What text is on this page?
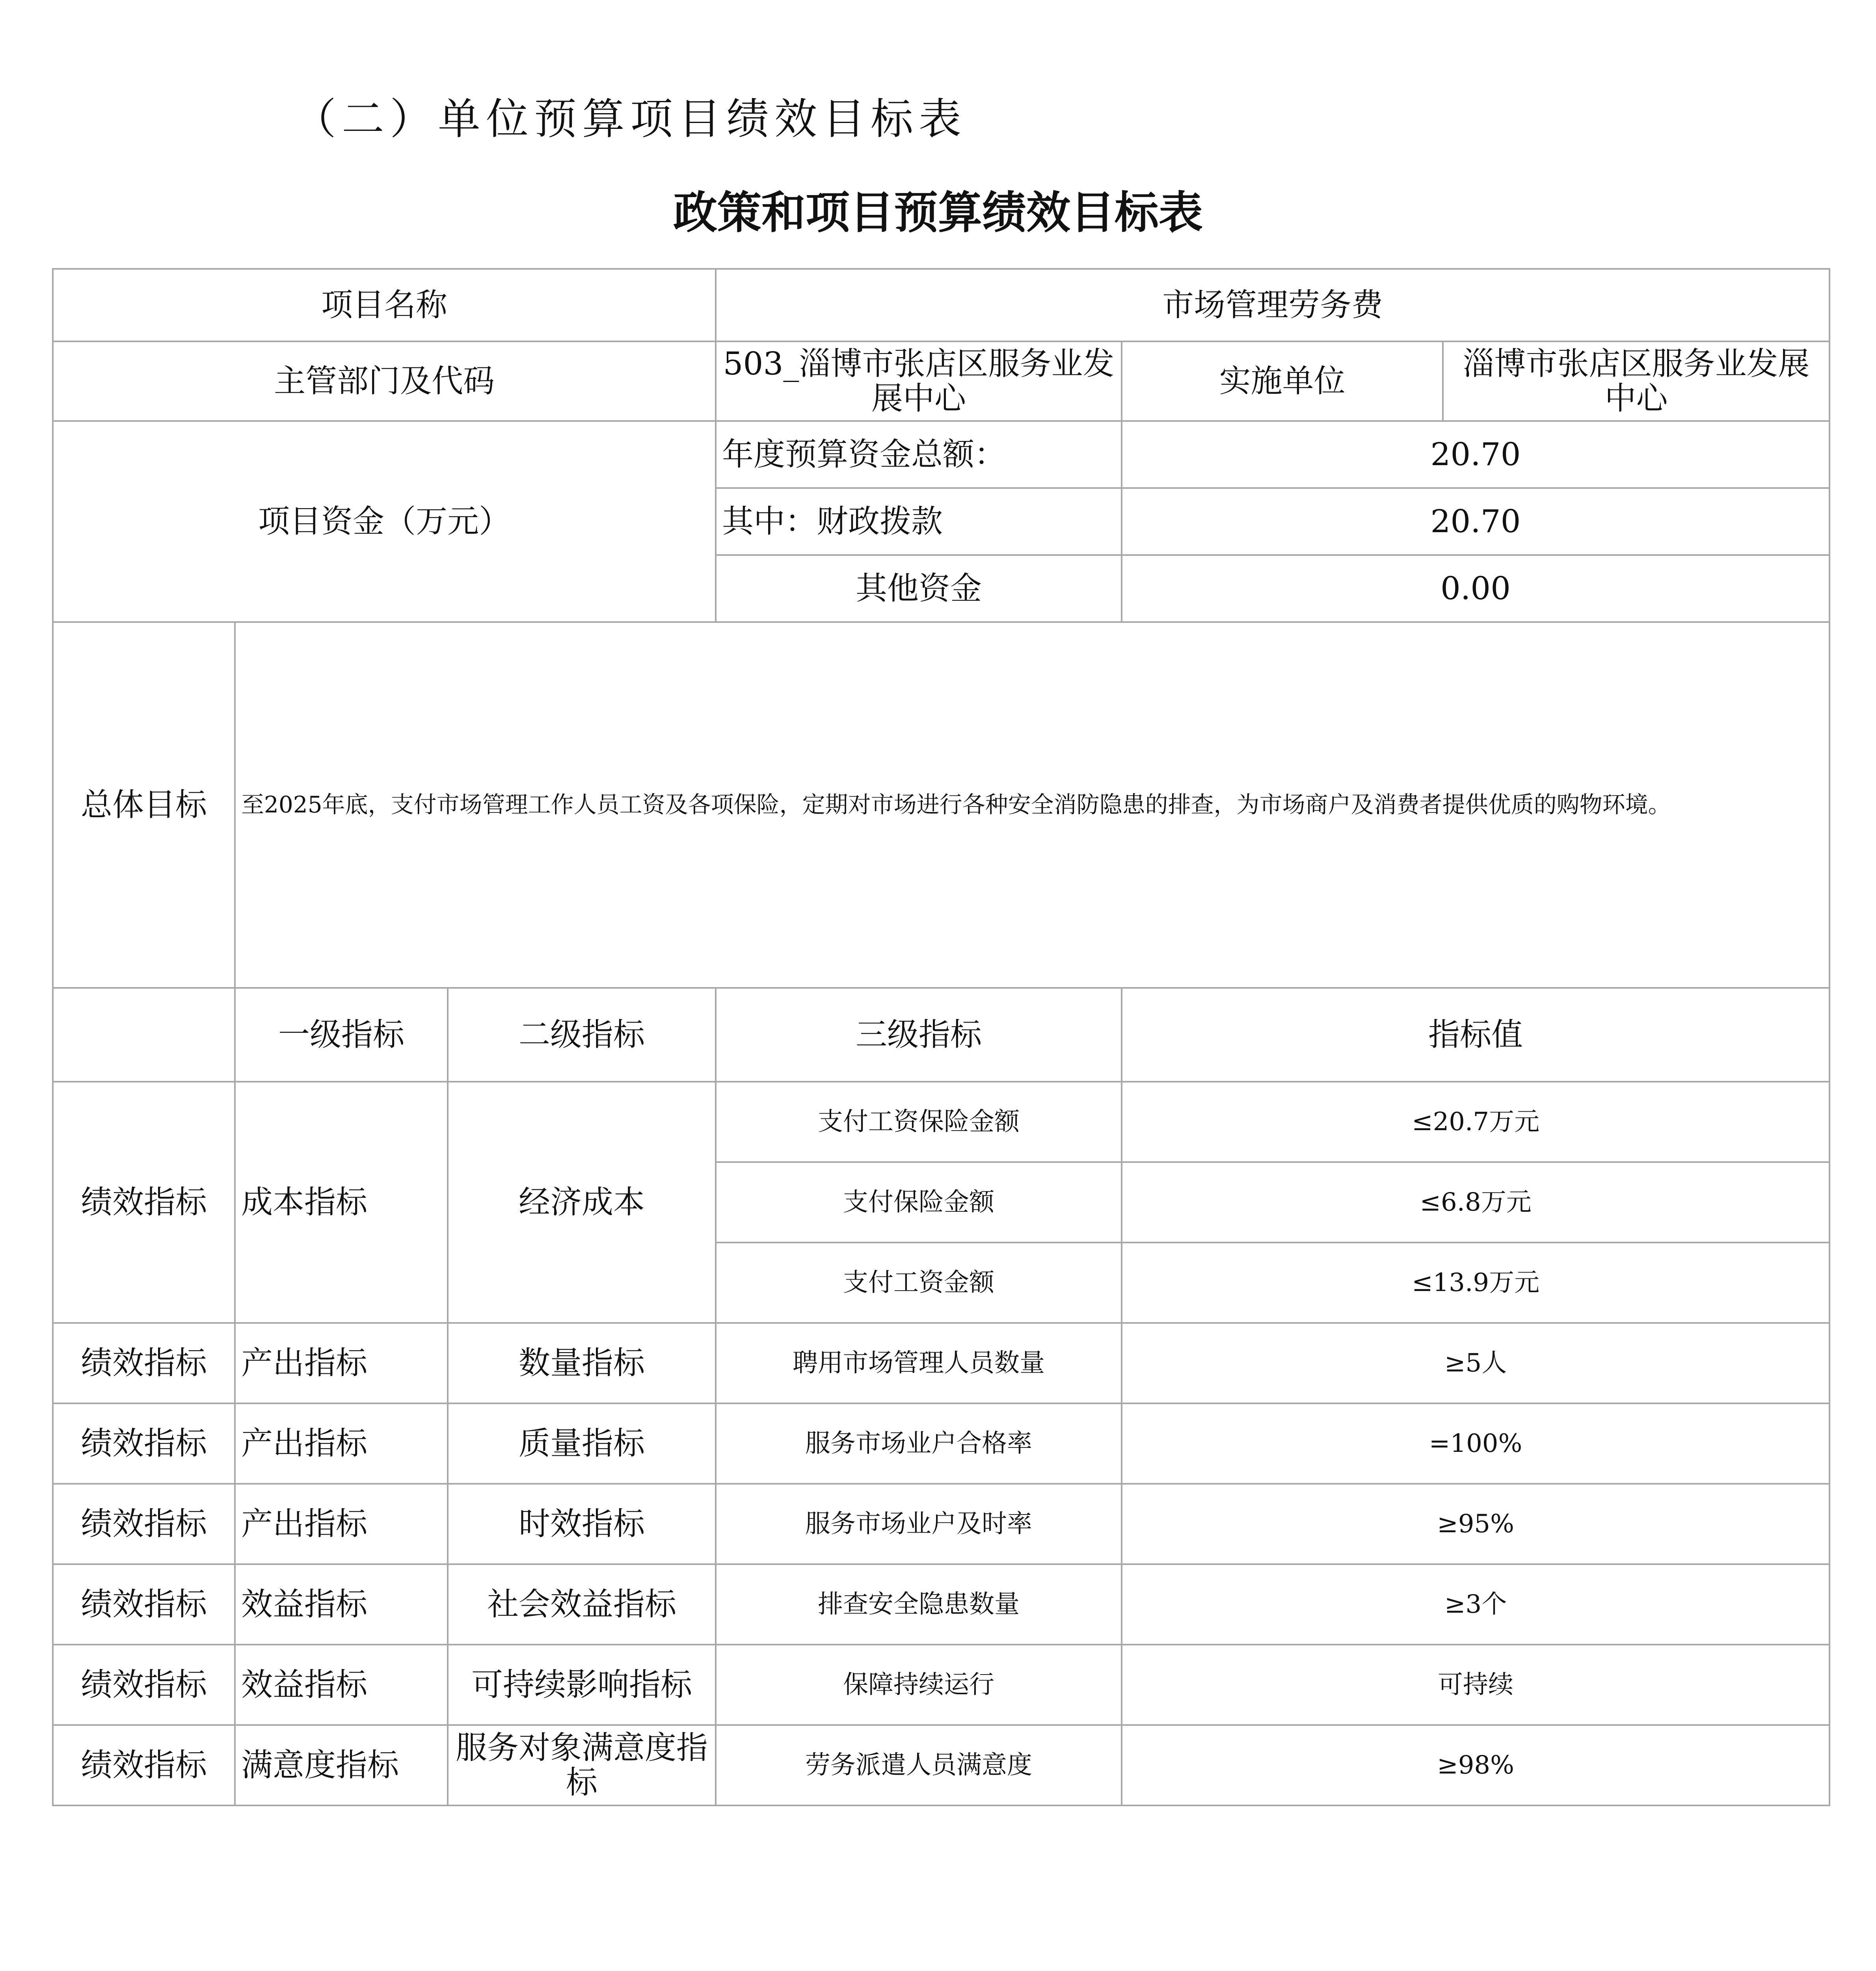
（二）单位预算项目绩效目标表
政策和项目预算绩效目标表
项目名称			市场管理劳务费		
主管部门及代码			503_淄博市张店区服务业发展中心	实施单位	淄博市张店区服务业发展中心
项目资金（万元）			年度预算资金总额：	20.70	
			其中：财政拨款	20.70	
			其他资金	0.00	
总体目标	至2025年底，支付市场管理工作人员工资及各项保险，定期对市场进行各种安全消防隐患的排查，为市场商户及消费者提供优质的购物环境。				
	一级指标	二级指标	三级指标	指标值	
绩效指标	成本指标	经济成本	支付工资保险金额	≤20.7万元	
			支付保险金额	≤6.8万元	
			支付工资金额	≤13.9万元	
绩效指标	产出指标	数量指标	聘用市场管理人员数量	≥5人	
绩效指标	产出指标	质量指标	服务市场业户合格率	=100%	
绩效指标	产出指标	时效指标	服务市场业户及时率	≥95%	
绩效指标	效益指标	社会效益指标	排查安全隐患数量	≥3个	
绩效指标	效益指标	可持续影响指标	保障持续运行	可持续	
绩效指标	满意度指标	服务对象满意度指标	劳务派遣人员满意度	≥98%	
